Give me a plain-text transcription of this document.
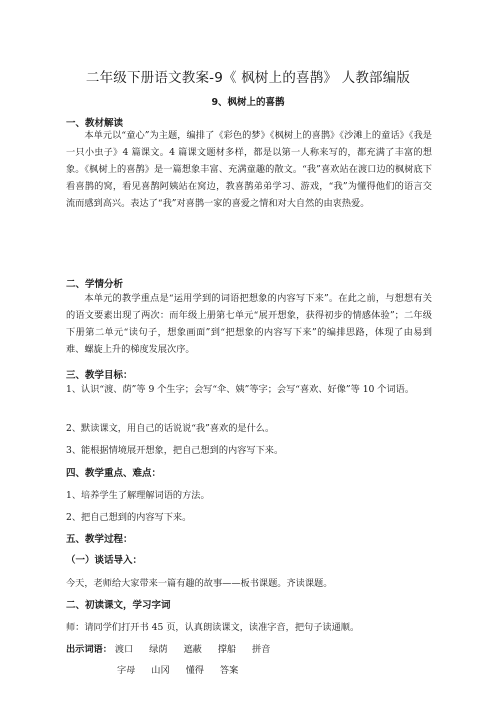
二年级下册语文教案-9《 枫树上的喜鹊》 人教部编版
9、枫树上的喜鹊
一、教材解读

本单元以“童心”为主题，编排了《彩色的梦》《枫树上的喜鹊》《沙滩上的童话》《我是一只小虫子》4 篇课文。4 篇课文题材多样，都是以第一人称来写的，都充满了丰富的想象。《枫树上的喜鹊》是一篇想象丰富、充满童趣的散文。“我”喜欢站在渡口边的枫树底下看喜鹊的窝，看见喜鹊阿姨站在窝边，教喜鹊弟弟学习、游戏，“我”为懂得他们的语言交流而感到高兴。表达了“我”对喜鹊一家的喜爱之情和对大自然的由衷热爱。

二、学情分析

本单元的教学重点是“运用学到的词语把想象的内容写下来”。在此之前，与想想有关的语文要素出现了两次：而年级上册第七单元“展开想象，获得初步的情感体验”；二年级下册第二单元“读句子，想象画面”到“把想象的内容写下来”的编排思路，体现了由易到难、螺旋上升的梯度发展次序。

三、教学目标：

1、认识“渡、荫”等 9 个生字；会写“伞、姨”等字；会写“喜欢、好像”等 10 个词语。

2、默读课文，用自己的话说说“我”喜欢的是什么。
3、能根据情境展开想象，把自己想到的内容写下来。
四、教学重点、难点：
1、培养学生了解理解词语的方法。
2、把自己想到的内容写下来。
五、教学过程：
（一）谈话导入：
今天，老师给大家带来一篇有趣的故事——板书课题。齐读课题。
二、初读课文，学习字词
师：请同学们打开书 45 页，认真朗读课文，读准字音，把句子读通顺。
出示词语： 渡口 绿荫 遮蔽 撑船 拼音
字母 山冈 懂得 答案
